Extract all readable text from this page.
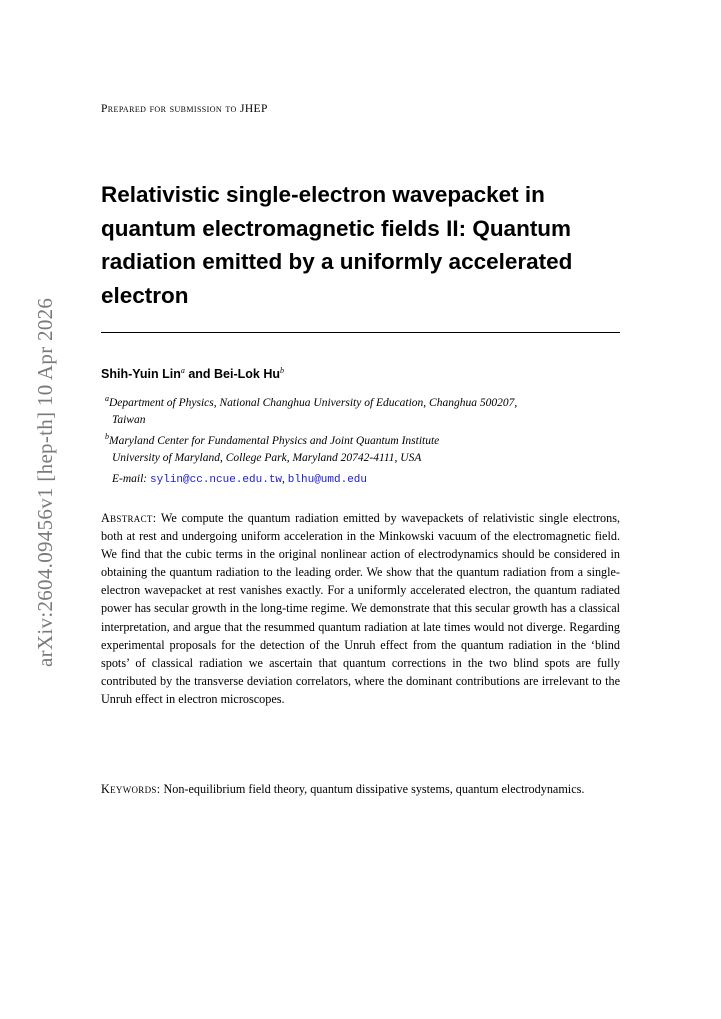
arXiv:2604.09456v1 [hep-th] 10 Apr 2026
Prepared for submission to JHEP
Relativistic single-electron wavepacket in quantum electromagnetic fields II: Quantum radiation emitted by a uniformly accelerated electron
Shih-Yuin Lin$^a$ and Bei-Lok Hu$^b$
$^a$Department of Physics, National Changhua University of Education, Changhua 500207,
Taiwan
$^b$Maryland Center for Fundamental Physics and Joint Quantum Institute
University of Maryland, College Park, Maryland 20742-4111, USA
E-mail: sylin@cc.ncue.edu.tw, blhu@umd.edu

Abstract: We compute the quantum radiation emitted by wavepackets of relativistic single electrons, both at rest and undergoing uniform acceleration in the Minkowski vacuum of the electromagnetic field. We find that the cubic terms in the original nonlinear action of electrodynamics should be considered in obtaining the quantum radiation to the leading order. We show that the quantum radiation from a single-electron wavepacket at rest vanishes exactly. For a uniformly accelerated electron, the quantum radiated power has secular growth in the long-time regime. We demonstrate that this secular growth has a classical interpretation, and argue that the resummed quantum radiation at late times would not diverge. Regarding experimental proposals for the detection of the Unruh effect from the quantum radiation in the ‘blind spots’ of classical radiation we ascertain that quantum corrections in the two blind spots are fully contributed by the transverse deviation correlators, where the dominant contributions are irrelevant to the Unruh effect in electron microscopes.

Keywords: Non-equilibrium field theory, quantum dissipative systems, quantum electrodynamics.
